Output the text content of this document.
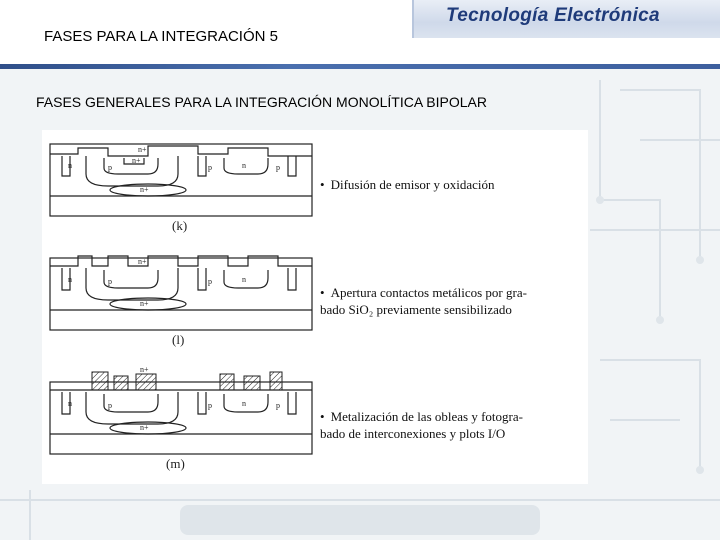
FASES PARA LA INTEGRACIÓN 5
Tecnología Electrónica
FASES GENERALES PARA LA INTEGRACIÓN MONOLÍTICA BIPOLAR
n+
n	p
n+
p	n	p
n+
(k)
• Difusión de emisor y oxidación
n+
n	p	p	n
n+
(l)
• Apertura contactos metálicos por gra-
bado SiO₂ previamente sensibilizado
n+
n	p	p	n	p
n+
(m)
• Metalización de las obleas y fotogra-
bado de interconexiones y plots I/O
